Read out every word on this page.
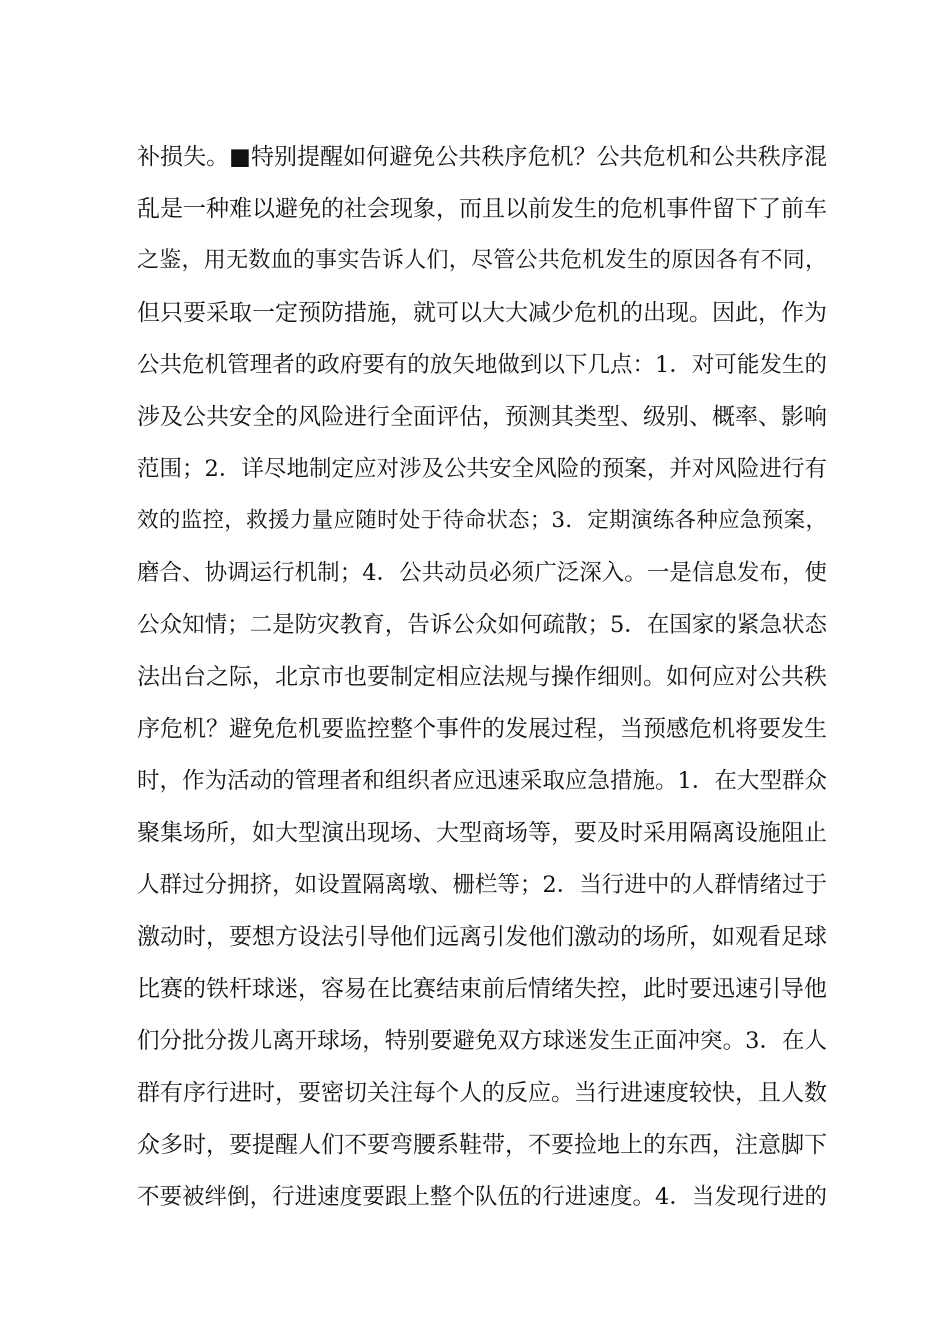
补损失。■特别提醒如何避免公共秩序危机？公共危机和公共秩序混
乱是一种难以避免的社会现象，而且以前发生的危机事件留下了前车
之鉴，用无数血的事实告诉人们，尽管公共危机发生的原因各有不同，
但只要采取一定预防措施，就可以大大减少危机的出现。因此，作为
公共危机管理者的政府要有的放矢地做到以下几点：1．对可能发生的
涉及公共安全的风险进行全面评估，预测其类型、级别、概率、影响
范围；2．详尽地制定应对涉及公共安全风险的预案，并对风险进行有
效的监控，救援力量应随时处于待命状态；3．定期演练各种应急预案，
磨合、协调运行机制；4．公共动员必须广泛深入。一是信息发布，使
公众知情；二是防灾教育，告诉公众如何疏散；5．在国家的紧急状态
法出台之际，北京市也要制定相应法规与操作细则。如何应对公共秩
序危机？避免危机要监控整个事件的发展过程，当预感危机将要发生
时，作为活动的管理者和组织者应迅速采取应急措施。1．在大型群众
聚集场所，如大型演出现场、大型商场等，要及时采用隔离设施阻止
人群过分拥挤，如设置隔离墩、栅栏等；2．当行进中的人群情绪过于
激动时，要想方设法引导他们远离引发他们激动的场所，如观看足球
比赛的铁杆球迷，容易在比赛结束前后情绪失控，此时要迅速引导他
们分批分拨儿离开球场，特别要避免双方球迷发生正面冲突。3．在人
群有序行进时，要密切关注每个人的反应。当行进速度较快，且人数
众多时，要提醒人们不要弯腰系鞋带，不要捡地上的东西，注意脚下
不要被绊倒，行进速度要跟上整个队伍的行进速度。4．当发现行进的
